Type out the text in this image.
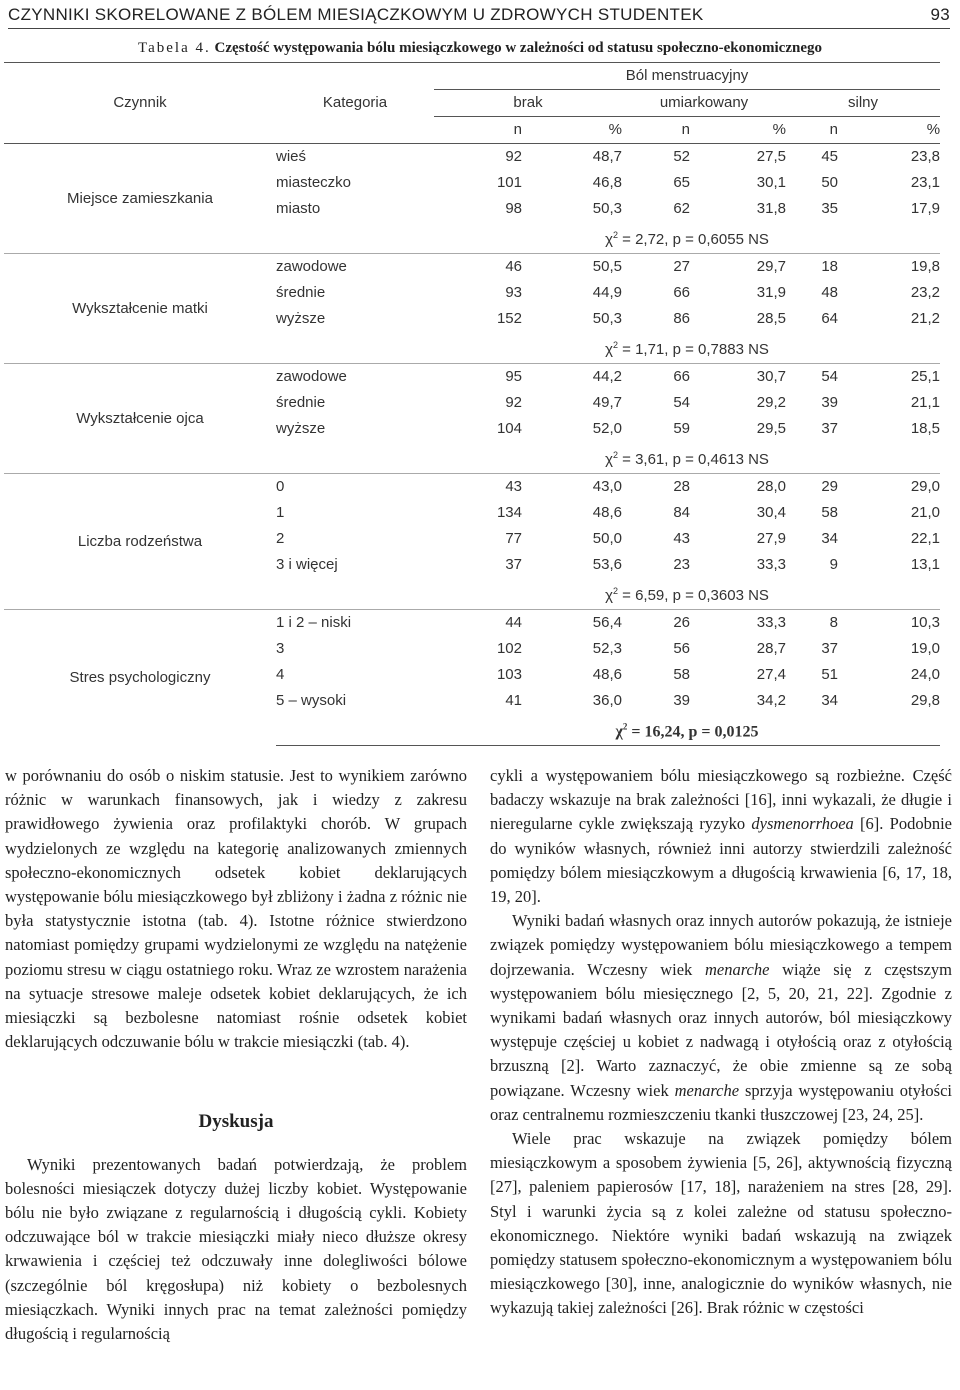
CZYNNIKI SKORELOWANE Z BÓLEM MIESIĄCZKOWYM U ZDROWYCH STUDENTEK	93
Tabela 4. Częstość występowania bólu miesiączkowego w zależności od statusu społeczno-ekonomicznego
		Ból menstruacyjny					
Czynnik	Kategoria	brak		umiarkowany		silny	
		n	%	n	%	n	%
Miejsce zamieszkania	wieś	92	48,7	52	27,5	45	23,8
	miasteczko	101	46,8	65	30,1	50	23,1
	miasto	98	50,3	62	31,8	35	17,9
		$\chi^2 = 2,72$, p = 0,6055 NS					
Wykształcenie matki	zawodowe	46	50,5	27	29,7	18	19,8
	średnie	93	44,9	66	31,9	48	23,2
	wyższe	152	50,3	86	28,5	64	21,2
		$\chi^2 = 1,71$, p = 0,7883 NS					
Wykształcenie ojca	zawodowe	95	44,2	66	30,7	54	25,1
	średnie	92	49,7	54	29,2	39	21,1
	wyższe	104	52,0	59	29,5	37	18,5
		$\chi^2 = 3,61$, p = 0,4613 NS					
Liczba rodzeństwa	0	43	43,0	28	28,0	29	29,0
	1	134	48,6	84	30,4	58	21,0
	2	77	50,0	43	27,9	34	22,1
	3 i więcej	37	53,6	23	33,3	9	13,1
		$\chi^2 = 6,59$, p = 0,3603 NS					
Stres psychologiczny	1 i 2 – niski	44	56,4	26	33,3	8	10,3
	3	102	52,3	56	28,7	37	19,0
	4	103	48,6	58	27,4	51	24,0
	5 – wysoki	41	36,0	39	34,2	34	29,8
		$\chi^2 = 16,24$, p = 0,0125					

w porównaniu do osób o niskim statusie. Jest to wynikiem zarówno różnic w warunkach finansowych, jak i wiedzy z zakresu prawidłowego żywienia oraz profilaktyki chorób. W grupach wydzielonych ze względu na kategorię analizowanych zmiennych społeczno-ekonomicznych odsetek kobiet deklarujących występowanie bólu miesiączkowego był zbliżony i żadna z różnic nie była statystycznie istotna (tab. 4). Istotne różnice stwierdzono natomiast pomiędzy grupami wydzielonymi ze względu na natężenie poziomu stresu w ciągu ostatniego roku. Wraz ze wzrostem narażenia na sytuacje stresowe maleje odsetek kobiet deklarujących, że ich miesiączki są bezbolesne natomiast rośnie odsetek kobiet deklarujących odczuwanie bólu w trakcie miesiączki (tab. 4).

Dyskusja

Wyniki prezentowanych badań potwierdzają, że problem bolesności miesiączek dotyczy dużej liczby kobiet. Występowanie bólu nie było związane z regularnością i długością cykli. Kobiety odczuwające ból w trakcie miesiączki miały nieco dłuższe okresy krwawienia i częściej też odczuwały inne dolegliwości bólowe (szczególnie ból kręgosłupa) niż kobiety o bezbolesnych miesiączkach. Wyniki innych prac na temat zależności pomiędzy długością i regularnością

cykli a występowaniem bólu miesiączkowego są rozbieżne. Część badaczy wskazuje na brak zależności [16], inni wykazali, że długie i nieregularne cykle zwiększają ryzyko dysmenorrhoea [6]. Podobnie do wyników własnych, również inni autorzy stwierdzili zależność pomiędzy bólem miesiączkowym a długością krwawienia [6, 17, 18, 19, 20].

Wyniki badań własnych oraz innych autorów pokazują, że istnieje związek pomiędzy występowaniem bólu miesiączkowego a tempem dojrzewania. Wczesny wiek menarche wiąże się z częstszym występowaniem bólu miesięcznego [2, 5, 20, 21, 22]. Zgodnie z wynikami badań własnych oraz innych autorów, ból miesiączkowy występuje częściej u kobiet z nadwagą i otyłością oraz z otyłością brzuszną [2]. Warto zaznaczyć, że obie zmienne są ze sobą powiązane. Wczesny wiek menarche sprzyja występowaniu otyłości oraz centralnemu rozmieszczeniu tkanki tłuszczowej [23, 24, 25].

Wiele prac wskazuje na związek pomiędzy bólem miesiączkowym a sposobem żywienia [5, 26], aktywnością fizyczną [27], paleniem papierosów [17, 18], narażeniem na stres [28, 29]. Styl i warunki życia są z kolei zależne od statusu społeczno-ekonomicznego. Niektóre wyniki badań wskazują na związek pomiędzy statusem społeczno-ekonomicznym a występowaniem bólu miesiączkowego [30], inne, analogicznie do wyników własnych, nie wykazują takiej zależności [26]. Brak różnic w częstości
